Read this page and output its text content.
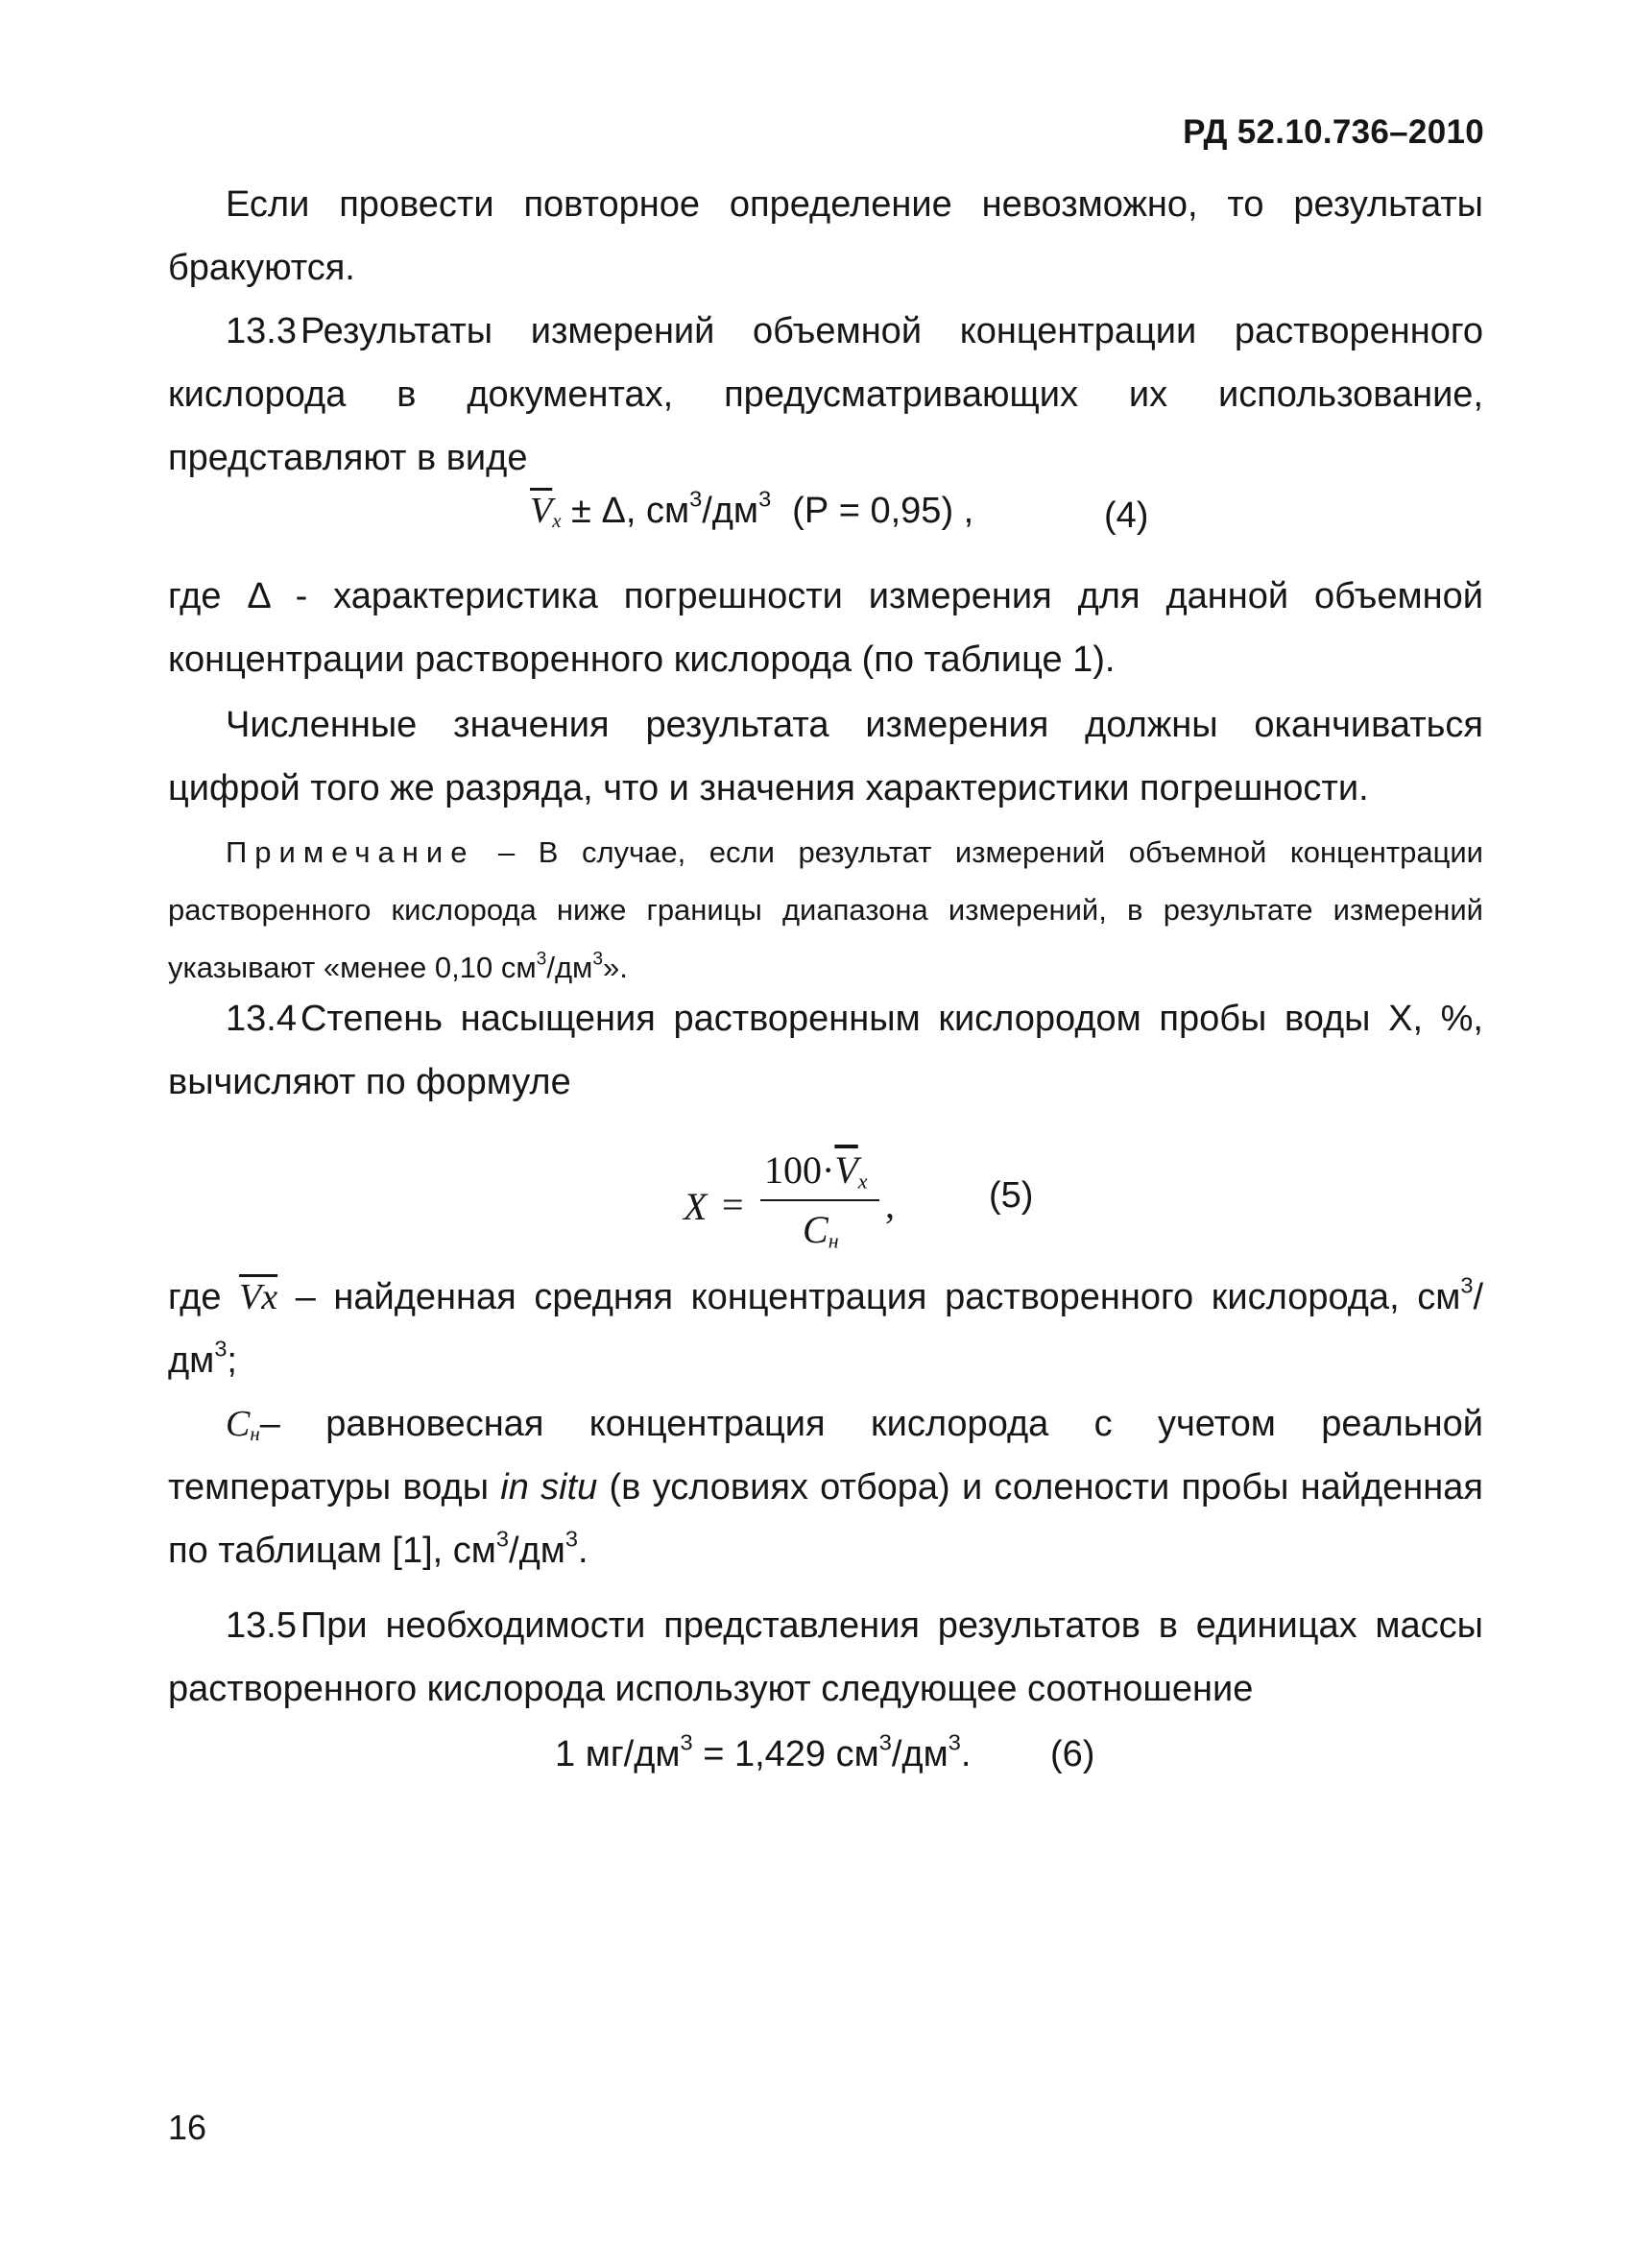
РД 52.10.736–2010
Если провести повторное определение невозможно, то результаты бракуются.
13.3 Результаты измерений объемной концентрации растворенного кислорода в документах, предусматривающих их использование, представляют в виде
$\overline{V}_x \pm \Delta$, $см^3/дм^3$ (Р = 0,95) ,	(4)
где Δ - характеристика погрешности измерения для данной объемной концентрации растворенного кислорода (по таблице 1).
Численные значения результата измерения должны оканчиваться цифрой того же разряда, что и значения характеристики погрешности.
Примечание – В случае, если результат измерений объемной концентрации растворенного кислорода ниже границы диапазона измерений, в результате измерений указывают «менее 0,10 $см^3/дм^3$».
13.4 Степень насыщения растворенным кислородом пробы воды X, %, вычисляют по формуле
X =
$100\cdot\overline{V}_x$
$C_н$
,	(5)
где $\overline{Vx}$ – найденная средняя концентрация растворенного кислорода, $см^3/дм^3$;
$C_н-$ равновесная концентрация кислорода с учетом реальной температуры воды in situ (в условиях отбора) и солености пробы найденная по таблицам [1], $см^3/дм^3$.
13.5 При необходимости представления результатов в единицах массы растворенного кислорода используют следующее соотношение
1 $мг/дм^3 = 1,429$ $см^3/дм^3$. (6)
16
